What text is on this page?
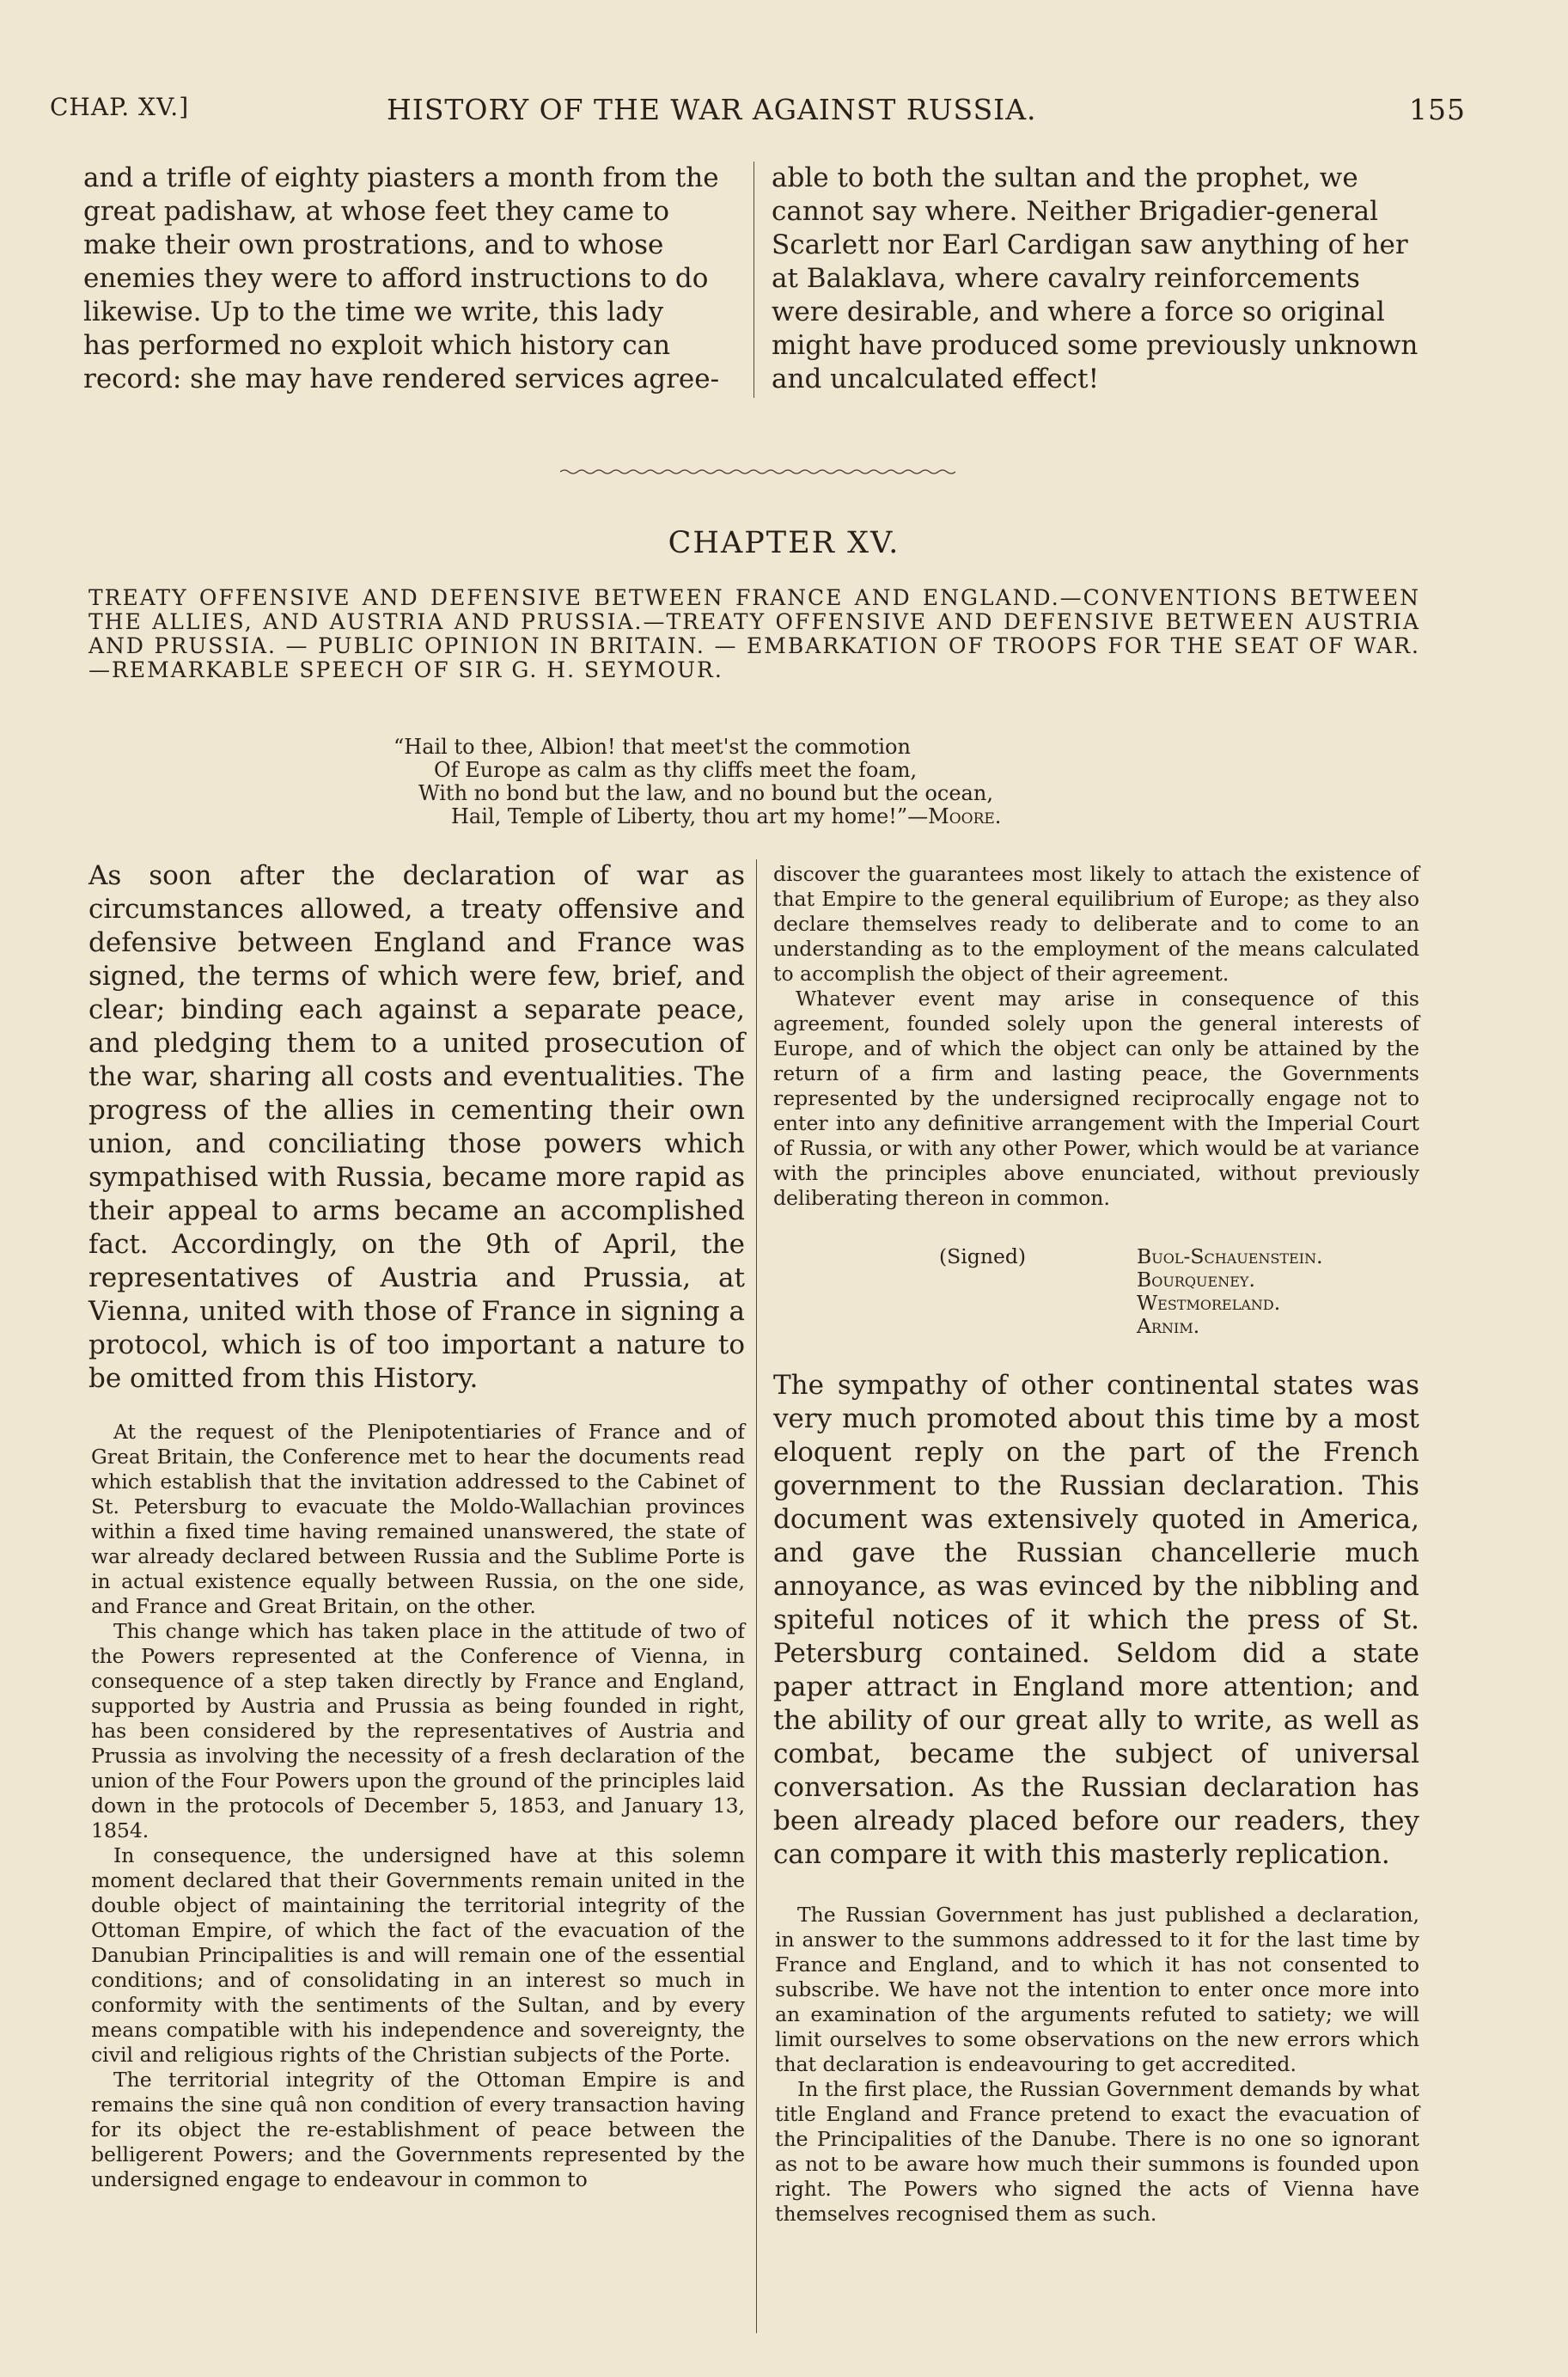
CHAP. XV.]	HISTORY OF THE WAR AGAINST RUSSIA.	155
and a trifle of eighty piasters a month from the
great padishaw, at whose feet they came to
make their own prostrations, and to whose
enemies they were to afford instructions to do
likewise. Up to the time we write, this lady
has performed no exploit which history can
record: she may have rendered services agree-
able to both the sultan and the prophet, we
cannot say where. Neither Brigadier-general
Scarlett nor Earl Cardigan saw anything of her
at Balaklava, where cavalry reinforcements
were desirable, and where a force so original
might have produced some previously unknown
and uncalculated effect!
CHAPTER XV.
TREATY OFFENSIVE AND DEFENSIVE BETWEEN FRANCE AND ENGLAND.—CONVENTIONS BETWEEN THE ALLIES, AND AUSTRIA AND PRUSSIA.—TREATY OFFENSIVE AND DEFENSIVE BETWEEN AUSTRIA AND PRUSSIA. — PUBLIC OPINION IN BRITAIN. — EMBARKATION OF TROOPS FOR THE SEAT OF WAR.—REMARKABLE SPEECH OF SIR G. H. SEYMOUR.
“Hail to thee, Albion! that meet'st the commotion
Of Europe as calm as thy cliffs meet the foam,
With no bond but the law, and no bound but the ocean,
Hail, Temple of Liberty, thou art my home!”—Moore.

As soon after the declaration of war as circumstances allowed, a treaty offensive and defensive between England and France was signed, the terms of which were few, brief, and clear; binding each against a separate peace, and pledging them to a united prosecution of the war, sharing all costs and eventualities. The progress of the allies in cementing their own union, and conciliating those powers which sympathised with Russia, became more rapid as their appeal to arms became an accomplished fact. Accordingly, on the 9th of April, the representatives of Austria and Prussia, at Vienna, united with those of France in signing a protocol, which is of too important a nature to be omitted from this History.

At the request of the Plenipotentiaries of France and of Great Britain, the Conference met to hear the documents read which establish that the invitation addressed to the Cabinet of St. Petersburg to evacuate the Moldo-Wallachian provinces within a fixed time having remained unanswered, the state of war already declared between Russia and the Sublime Porte is in actual existence equally between Russia, on the one side, and France and Great Britain, on the other.

This change which has taken place in the attitude of two of the Powers represented at the Conference of Vienna, in consequence of a step taken directly by France and England, supported by Austria and Prussia as being founded in right, has been considered by the representatives of Austria and Prussia as involving the necessity of a fresh declaration of the union of the Four Powers upon the ground of the principles laid down in the protocols of December 5, 1853, and January 13, 1854.

In consequence, the undersigned have at this solemn moment declared that their Governments remain united in the double object of maintaining the territorial integrity of the Ottoman Empire, of which the fact of the evacuation of the Danubian Principalities is and will remain one of the essential conditions; and of consolidating in an interest so much in conformity with the sentiments of the Sultan, and by every means compatible with his independence and sovereignty, the civil and religious rights of the Christian subjects of the Porte.

The territorial integrity of the Ottoman Empire is and remains the sine quâ non condition of every transaction having for its object the re-establishment of peace between the belligerent Powers; and the Governments represented by the undersigned engage to endeavour in common to

discover the guarantees most likely to attach the existence of that Empire to the general equilibrium of Europe; as they also declare themselves ready to deliberate and to come to an understanding as to the employment of the means calculated to accomplish the object of their agreement.

Whatever event may arise in consequence of this agreement, founded solely upon the general interests of Europe, and of which the object can only be attained by the return of a firm and lasting peace, the Governments represented by the undersigned reciprocally engage not to enter into any definitive arrangement with the Imperial Court of Russia, or with any other Power, which would be at variance with the principles above enunciated, without previously deliberating thereon in common.

(Signed)	Buol-Schauenstein.
Bourqueney.
Westmoreland.
Arnim.

The sympathy of other continental states was very much promoted about this time by a most eloquent reply on the part of the French government to the Russian declaration. This document was extensively quoted in America, and gave the Russian chancellerie much annoyance, as was evinced by the nibbling and spiteful notices of it which the press of St. Petersburg contained. Seldom did a state paper attract in England more attention; and the ability of our great ally to write, as well as combat, became the subject of universal conversation. As the Russian declaration has been already placed before our readers, they can compare it with this masterly replication.

The Russian Government has just published a declaration, in answer to the summons addressed to it for the last time by France and England, and to which it has not consented to subscribe. We have not the intention to enter once more into an examination of the arguments refuted to satiety; we will limit ourselves to some observations on the new errors which that declaration is endeavouring to get accredited.

In the first place, the Russian Government demands by what title England and France pretend to exact the evacuation of the Principalities of the Danube. There is no one so ignorant as not to be aware how much their summons is founded upon right. The Powers who signed the acts of Vienna have themselves recognised them as such.
